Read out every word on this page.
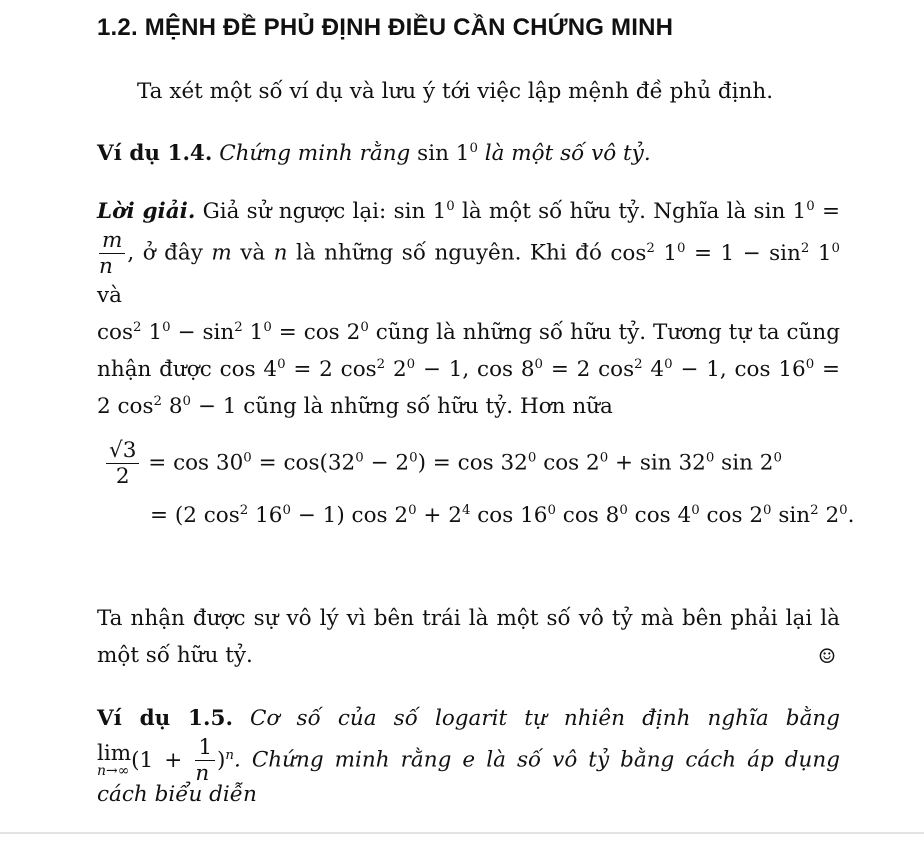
1.2. MỆNH ĐỀ PHỦ ĐỊNH ĐIỀU CẦN CHỨNG MINH
Ta xét một số ví dụ và lưu ý tới việc lập mệnh đề phủ định.
Ví dụ 1.4. Chứng minh rằng $\sin 1^0$ là một số vô tỷ.
Lời giải. Giả sử ngược lại: $\sin 1^0$ là một số hữu tỷ. Nghĩa là $\sin 1^0$ =
$\frac{m}{n}$ , ở đây m và n là những số nguyên. Khi đó $\cos^2 1^0 = 1 - \sin^2 1^0$ và
$\cos^2 1^0 - \sin^2 1^0 = \cos 2^0$ cũng là những số hữu tỷ. Tương tự ta cũng
nhận được $\cos 4^0 = 2$ $\cos^2 2^0 - 1$, $\cos 8^0 = 2$ $\cos^2 4^0 - 1$, $\cos 16^0$ =
2 $\cos^2 8^0 - 1$ cũng là những số hữu tỷ. Hơn nữa
$\frac{√3}{2} = \cos 30^0 = \cos(32^0 - 2^0) = \cos 32^0$ $\cos 2^0 + \sin 32^0$ $\sin 2^0$
= (2 $\cos^2 16^0 - 1$) $\cos 2^0 + 2^4$ $\cos 16^0$ $\cos 8^0$ $\cos 4^0$ $\cos 2^0$ $\sin^2 2^0$.
Ta nhận được sự vô lý vì bên trái là một số vô tỷ mà bên phải lại là
một số hữu tỷ.	☺
Ví dụ 1.5. Cơ số của số logarit tự nhiên định nghĩa bằng
lim
n→∞ $(1 + \frac{1}{n} )^n$. Chứng minh rằng e là số vô tỷ bằng cách áp dụng
cách biểu diễn
